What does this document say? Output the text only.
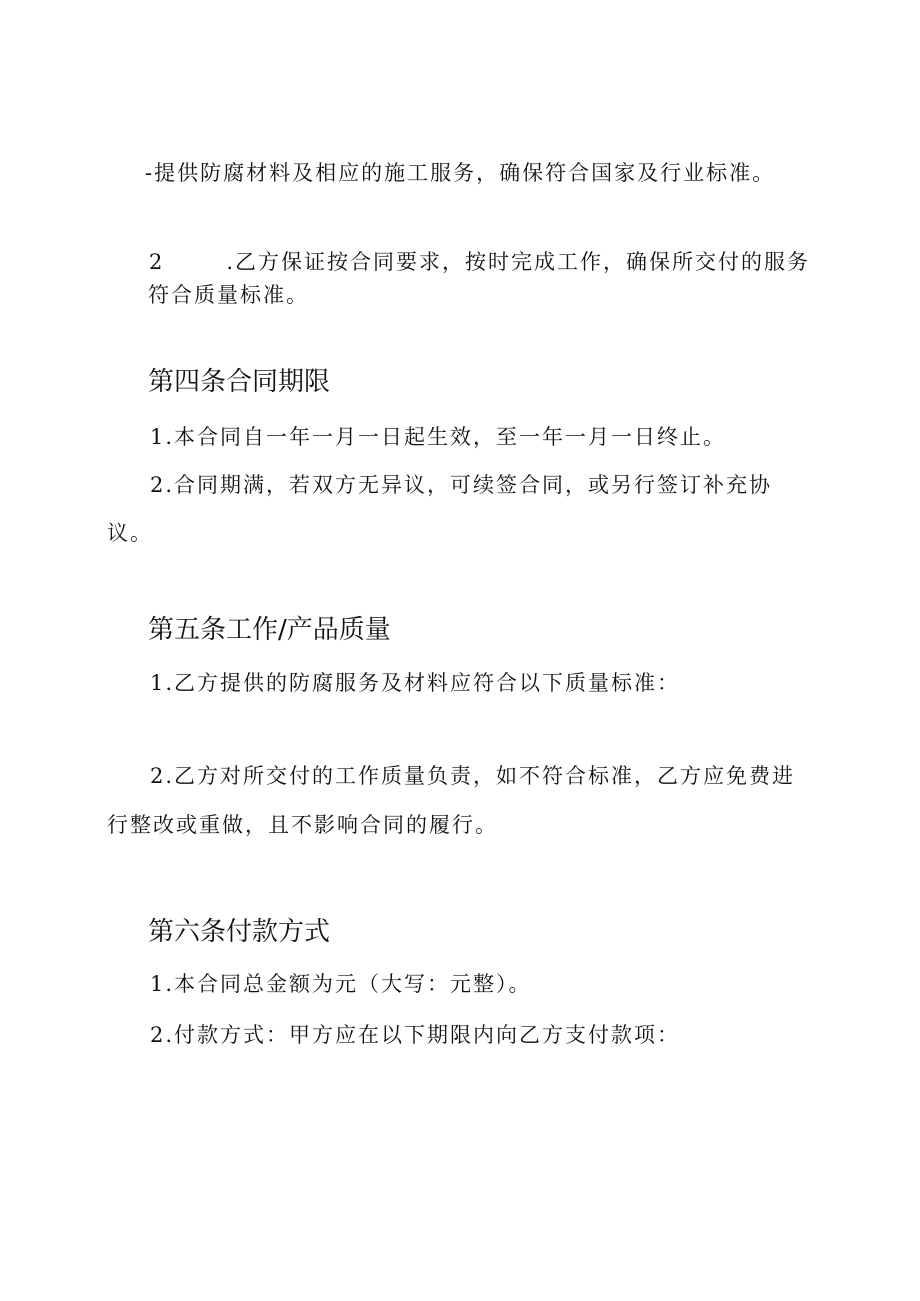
-提供防腐材料及相应的施工服务，确保符合国家及行业标准。
2	.乙方保证按合同要求，按时完成工作，确保所交付的服务
符合质量标准。
第四条合同期限
1.本合同自一年一月一日起生效，至一年一月一日终止。
2.合同期满，若双方无异议，可续签合同，或另行签订补充协
议。
第五条工作/产品质量
1.乙方提供的防腐服务及材料应符合以下质量标准：
2.乙方对所交付的工作质量负责，如不符合标准，乙方应免费进
行整改或重做，且不影响合同的履行。
第六条付款方式
1.本合同总金额为元（大写：元整）。
2.付款方式：甲方应在以下期限内向乙方支付款项：
